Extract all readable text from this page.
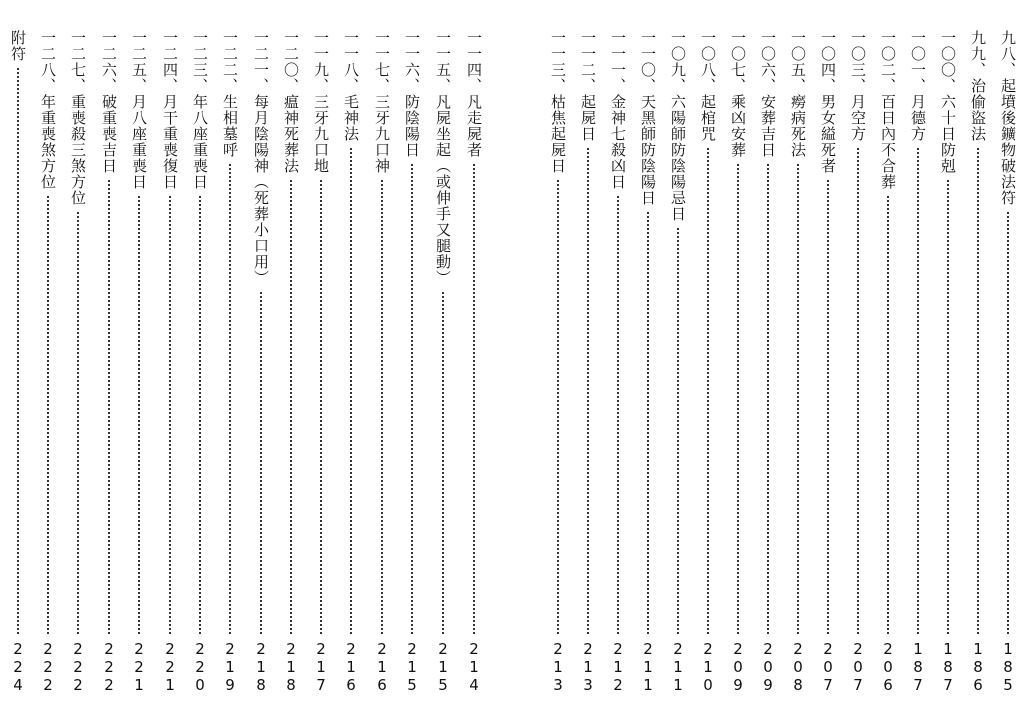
一一四、凡走屍者
214
一一五、凡屍坐起（或伸手又腿動）
215
一一六、防陰陽日
215
一一七、三牙九口神
216
一一八、毛神法
216
一一九、三牙九口地
217
一二〇、瘟神死葬法
218
一二一、每月陰陽神（死葬小口用）
218
一二二、生相墓呼
219
一二三、年八座重喪日
220
一二四、月干重喪復日
221
一二五、月八座重喪日
221
一二六、破重喪吉日
222
一二七、重喪殺三煞方位
222
一二八、年重喪煞方位
222
附符
224
九八、起墳後鑛物破法符
185
九九、治偷盜法
186
一〇〇、六十日防剋
187
一〇一、月德方
187
一〇二、百日內不合葬
206
一〇三、月空方
207
一〇四、男女縊死者
207
一〇五、癆病死法
208
一〇六、安葬吉日
209
一〇七、乘凶安葬
209
一〇八、起棺咒
210
一〇九、六陽師防陰陽忌日
211
一一〇、天黑師防陰陽日
211
一一一、金神七殺凶日
212
一一二、起屍日
213
一一三、枯焦起屍日
213
